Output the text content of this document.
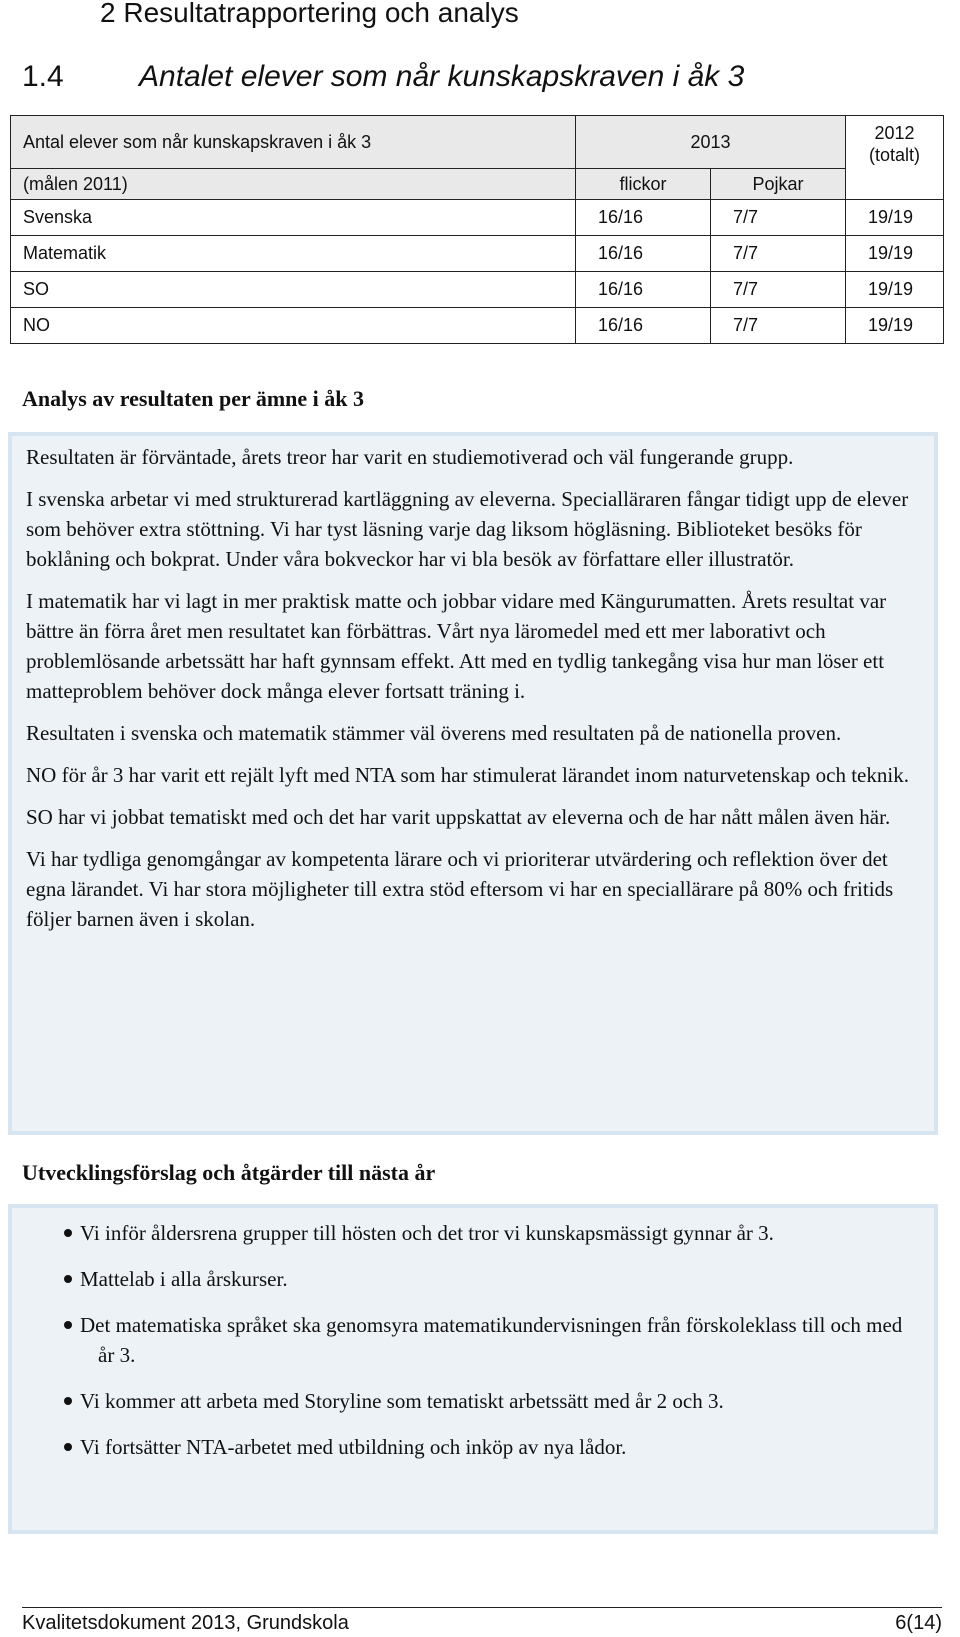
2 Resultatrapportering och analys
1.4	Antalet elever som når kunskapskraven i åk 3
Antal elever som når kunskapskraven i åk 3	2013		2012
(totalt)

(målen 2011)	flickor	Pojkar	
Svenska	16/16	7/7	19/19
Matematik	16/16	7/7	19/19
SO	16/16	7/7	19/19
NO	16/16	7/7	19/19
Analys av resultaten per ämne i åk 3

Resultaten är förväntade, årets treor har varit en studiemotiverad och väl fungerande grupp.

I svenska arbetar vi med strukturerad kartläggning av eleverna. Specialläraren fångar tidigt upp de elever som behöver extra stöttning. Vi har tyst läsning varje dag liksom högläsning. Biblioteket besöks för boklåning och bokprat. Under våra bokveckor har vi bla besök av författare eller illustratör.

I matematik har vi lagt in mer praktisk matte och jobbar vidare med Kängurumatten. Årets resultat var bättre än förra året men resultatet kan förbättras. Vårt nya läromedel med ett mer laborativt och problemlösande arbetssätt har haft gynnsam effekt. Att med en tydlig tankegång visa hur man löser ett matteproblem behöver dock många elever fortsatt träning i.

Resultaten i svenska och matematik stämmer väl överens med resultaten på de nationella proven.

NO för år 3 har varit ett rejält lyft med NTA som har stimulerat lärandet inom naturvetenskap och teknik.

SO har vi jobbat tematiskt med och det har varit uppskattat av eleverna och de har nått målen även här.

Vi har tydliga genomgångar av kompetenta lärare och vi prioriterar utvärdering och reflektion över det egna lärandet. Vi har stora möjligheter till extra stöd eftersom vi har en speciallärare på 80% och fritids följer barnen även i skolan.

Utvecklingsförslag och åtgärder till nästa år
Vi inför åldersrena grupper till hösten och det tror vi kunskapsmässigt gynnar år 3.
Mattelab i alla årskurser.
Det matematiska språket ska genomsyra matematikundervisningen från förskoleklass till och med år 3.
Vi kommer att arbeta med Storyline som tematiskt arbetssätt med år 2 och 3.
Vi fortsätter NTA-arbetet med utbildning och inköp av nya lådor.
Kvalitetsdokument 2013, Grundskola	6(14)
